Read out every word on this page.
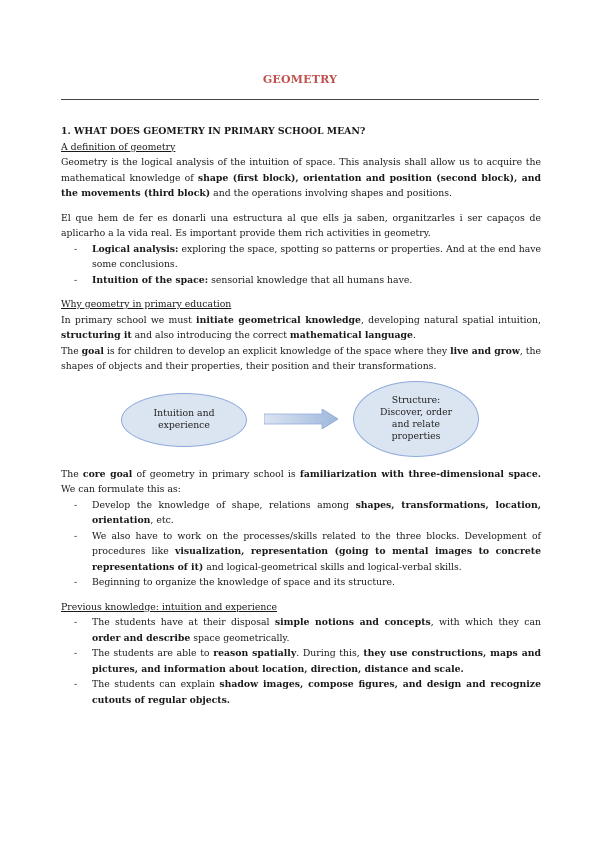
GEOMETRY

1. WHAT DOES GEOMETRY IN PRIMARY SCHOOL MEAN?

A definition of geometry

Geometry is the logical analysis of the intuition of space. This analysis shall allow us to acquire the mathematical knowledge of shape (first block), orientation and position (second block), and the movements (third block) and the operations involving shapes and positions.

El que hem de fer es donarli una estructura al que ells ja saben, organitzarles i ser capaços de aplicarho a la vida real. Es important provide them rich activities in geometry.

- Logical analysis: exploring the space, spotting so patterns or properties. And at the end have some conclusions.
- Intuition of the space: sensorial knowledge that all humans have.

Why geometry in primary education

In primary school we must initiate geometrical knowledge, developing natural spatial intuition, structuring it and also introducing the correct mathematical language.

The goal is for children to develop an explicit knowledge of the space where they live and grow, the shapes of objects and their properties, their position and their transformations.

Intuition and experience
Structure:
Discover, order
and relate
properties

The core goal of geometry in primary school is familiarization with three-dimensional space. We can formulate this as:

- Develop the knowledge of shape, relations among shapes, transformations, location, orientation, etc.
- We also have to work on the processes/skills related to the three blocks. Development of procedures like visualization, representation (going to mental images to concrete representations of it) and logical-geometrical skills and logical-verbal skills.
- Beginning to organize the knowledge of space and its structure.

Previous knowledge: intuition and experience

- The students have at their disposal simple notions and concepts, with which they can order and describe space geometrically.
- The students are able to reason spatially. During this, they use constructions, maps and pictures, and information about location, direction, distance and scale.
- The students can explain shadow images, compose figures, and design and recognize cutouts of regular objects.
